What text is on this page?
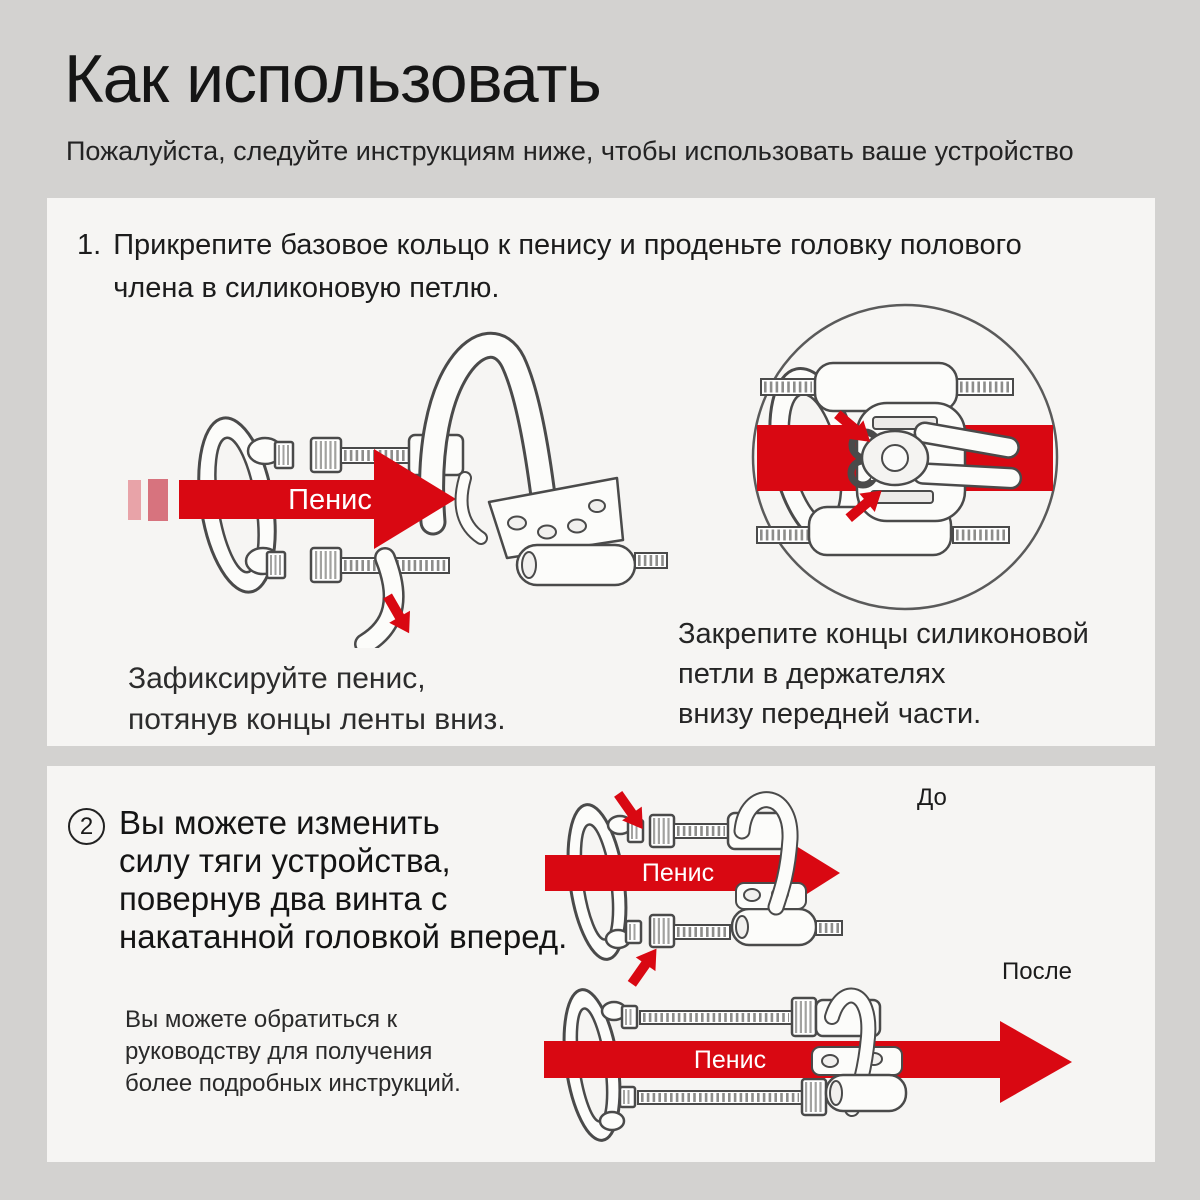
Как использовать
Пожалуйста, следуйте инструкциям ниже, чтобы использовать ваше устройство
1. Прикрепите базовое кольцо к пенису и проденьте головку полового члена в силиконовую петлю.
Пенис
Зафиксируйте пенис,
потянув концы ленты вниз.
Закрепите концы силиконовой
петли в держателях
внизу передней части.
2 Вы можете изменить
силу тяги устройства,
повернув два винта с
накатанной головкой вперед.
Вы можете обратиться к
руководству для получения
более подробных инструкций.
До
После
Пенис
Пенис
